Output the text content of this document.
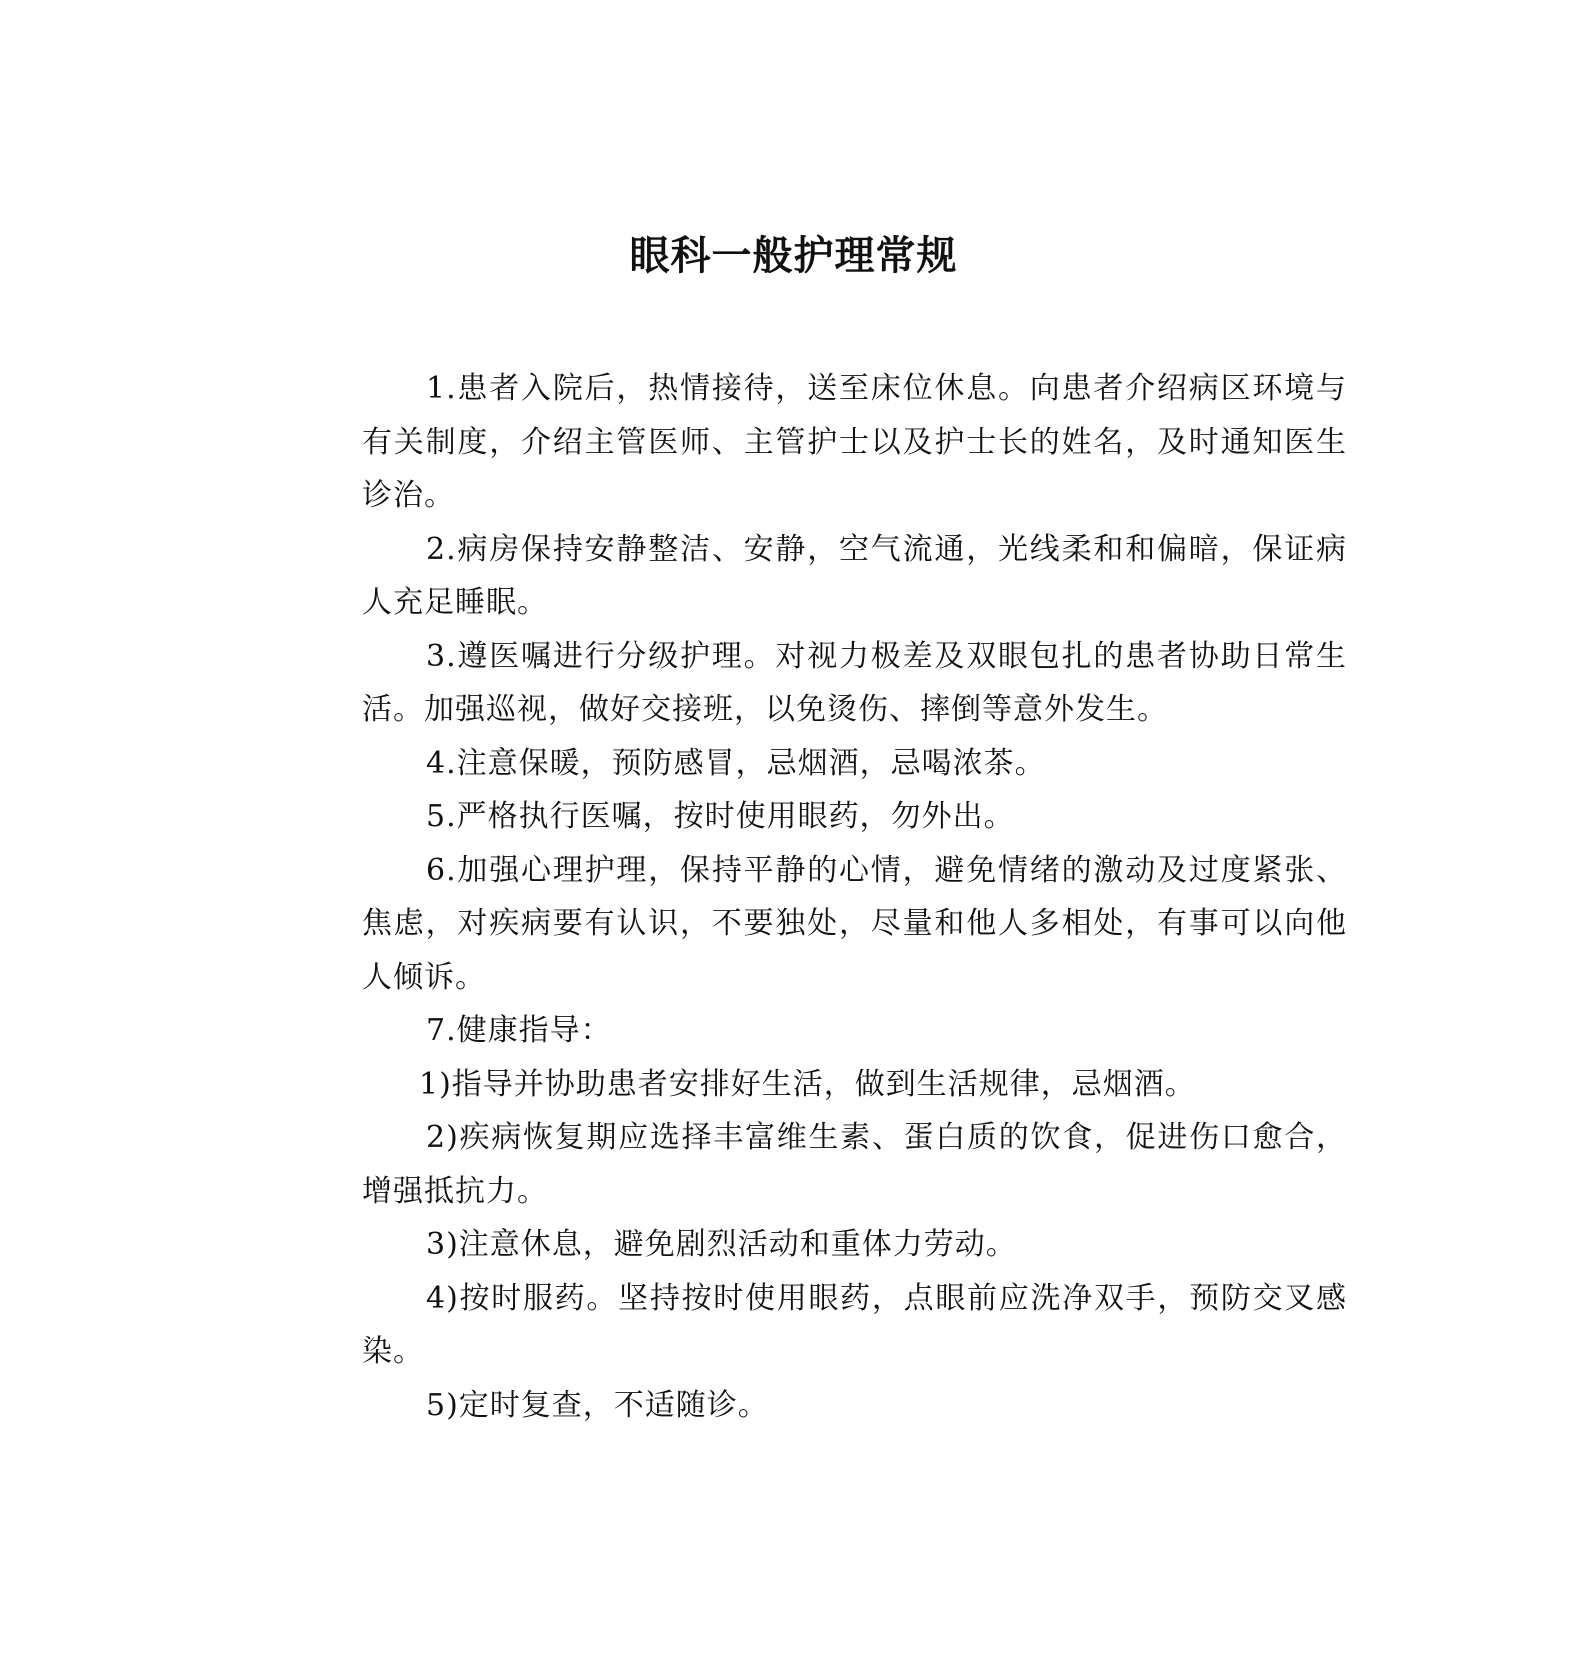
眼科一般护理常规

1.患者入院后，热情接待，送至床位休息。向患者介绍病区环境与有关制度，介绍主管医师、主管护士以及护士长的姓名，及时通知医生诊治。

2.病房保持安静整洁、安静，空气流通，光线柔和和偏暗，保证病人充足睡眠。

3.遵医嘱进行分级护理。对视力极差及双眼包扎的患者协助日常生活。加强巡视，做好交接班，以免烫伤、摔倒等意外发生。

4.注意保暖，预防感冒，忌烟酒，忌喝浓茶。

5.严格执行医嘱，按时使用眼药，勿外出。

6.加强心理护理，保持平静的心情，避免情绪的激动及过度紧张、焦虑，对疾病要有认识，不要独处，尽量和他人多相处，有事可以向他人倾诉。

7.健康指导：

1)指导并协助患者安排好生活，做到生活规律，忌烟酒。

2)疾病恢复期应选择丰富维生素、蛋白质的饮食，促进伤口愈合，增强抵抗力。

3)注意休息，避免剧烈活动和重体力劳动。

4)按时服药。坚持按时使用眼药，点眼前应洗净双手，预防交叉感染。

5)定时复查，不适随诊。
